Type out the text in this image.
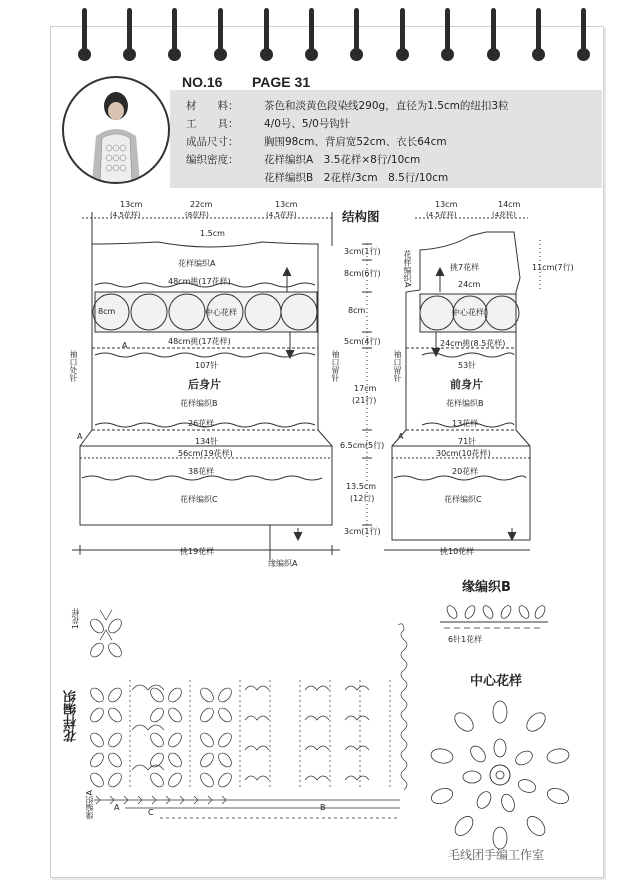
NO.16 PAGE 31
材　　料： 茶色和淡黄色段染线290g，直径为1.5cm的纽扣3粒
工　　具： 4/0号、5/0号钩针
成品尺寸： 胸围98cm、背肩宽52cm、衣长64cm
编织密度： 花样编织A　3.5花样×8行/10cm
花样编织B　2花样/3cm　8.5行/10cm
结构图
13cm
(4.5花样)
22cm
(8花样)
13cm
(4.5花样)
1.5cm
花样编织A
48cm挑(17花样)
8cm	中心花样
48cm挑(17花样)
A
107针
后身片
花样编织B
26花样
A
134针
56cm(19花样)
38花样
花样编织C
挑19花样
缘编织A
袖口处针	袖口留针
3cm(1行)
8cm(6行)
8cm
5cm(4行)
17cm
(21行)
6.5cm(5行)
13.5cm
(12行)
3cm(1行)
13cm
(4.5花样)
14cm
(4花样)
11cm(7行)
花样编织A	挑7花样
24cm
中心花样
24cm挑(8.5花样)
53针
前身片
花样编织B
13花样
A
71针
30cm(10花样)
20花样
花样编织C
挑10花样
袖口留针
花样编织
1花样
缘编织A	A	B
C
缘编织B
6针1花样
中心花样
毛线团手编工作室
